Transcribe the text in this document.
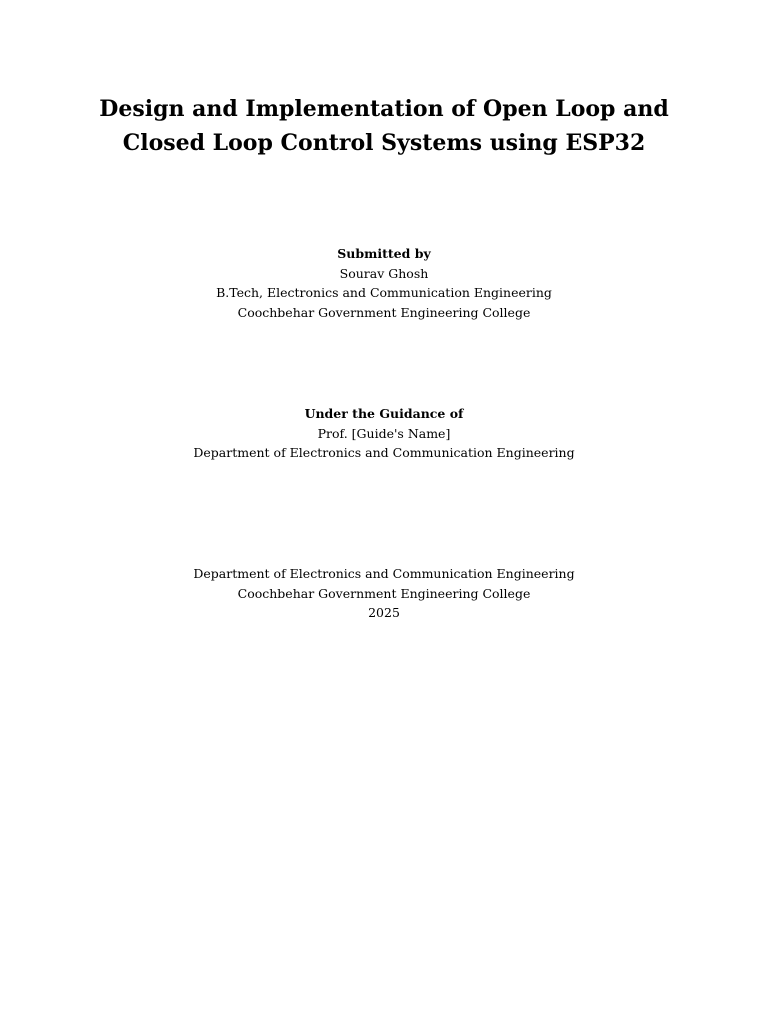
Design and Implementation of Open Loop and
Closed Loop Control Systems using ESP32
Submitted by
Sourav Ghosh
B.Tech, Electronics and Communication Engineering
Coochbehar Government Engineering College
Under the Guidance of
Prof. [Guide's Name]
Department of Electronics and Communication Engineering
Department of Electronics and Communication Engineering
Coochbehar Government Engineering College
2025
